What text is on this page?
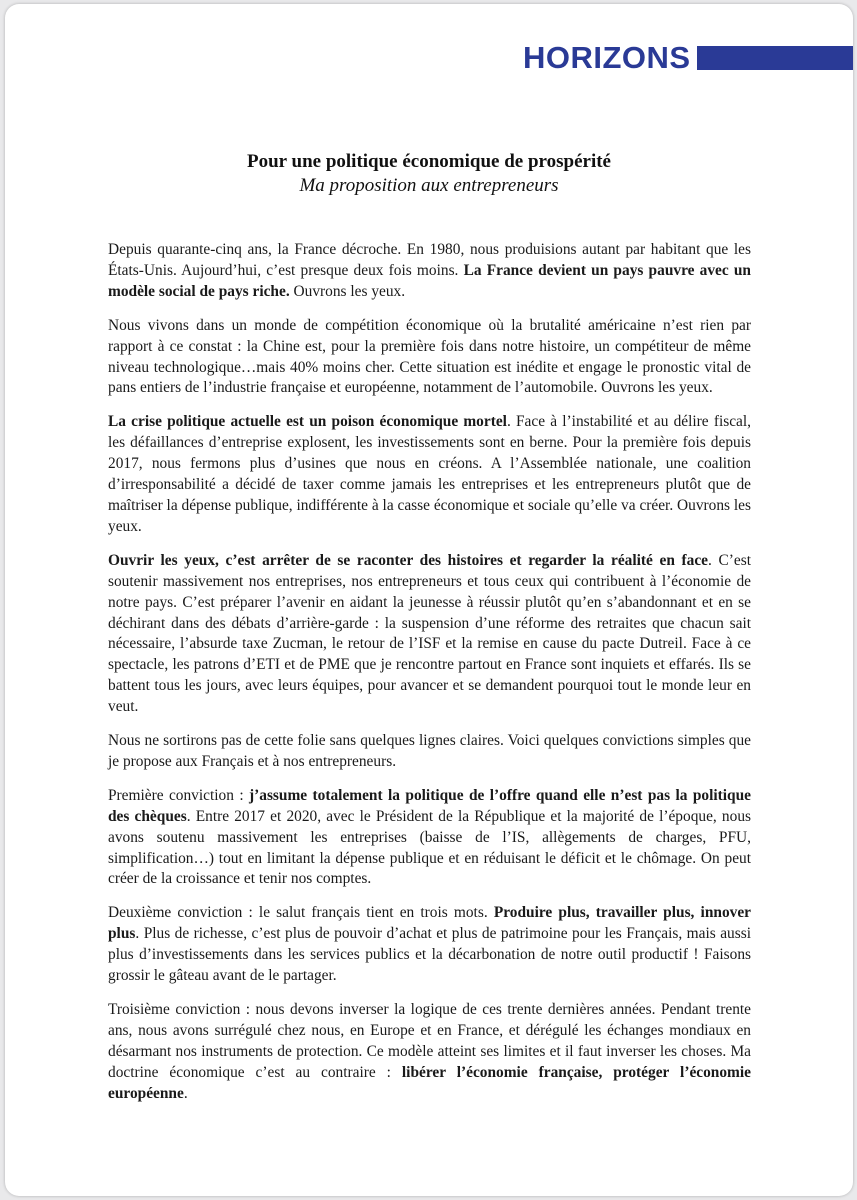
HORIZONS
Pour une politique économique de prospérité
Ma proposition aux entrepreneurs

Depuis quarante-cinq ans, la France décroche. En 1980, nous produisions autant par habitant que les États-Unis. Aujourd’hui, c’est presque deux fois moins. La France devient un pays pauvre avec un modèle social de pays riche. Ouvrons les yeux.

Nous vivons dans un monde de compétition économique où la brutalité américaine n’est rien par rapport à ce constat : la Chine est, pour la première fois dans notre histoire, un compétiteur de même niveau technologique…mais 40% moins cher. Cette situation est inédite et engage le pronostic vital de pans entiers de l’industrie française et européenne, notamment de l’automobile. Ouvrons les yeux.

La crise politique actuelle est un poison économique mortel. Face à l’instabilité et au délire fiscal, les défaillances d’entreprise explosent, les investissements sont en berne. Pour la première fois depuis 2017, nous fermons plus d’usines que nous en créons. A l’Assemblée nationale, une coalition d’irresponsabilité a décidé de taxer comme jamais les entreprises et les entrepreneurs plutôt que de maîtriser la dépense publique, indifférente à la casse économique et sociale qu’elle va créer. Ouvrons les yeux.

Ouvrir les yeux, c’est arrêter de se raconter des histoires et regarder la réalité en face. C’est soutenir massivement nos entreprises, nos entrepreneurs et tous ceux qui contribuent à l’économie de notre pays. C’est préparer l’avenir en aidant la jeunesse à réussir plutôt qu’en s’abandonnant et en se déchirant dans des débats d’arrière-garde : la suspension d’une réforme des retraites que chacun sait nécessaire, l’absurde taxe Zucman, le retour de l’ISF et la remise en cause du pacte Dutreil. Face à ce spectacle, les patrons d’ETI et de PME que je rencontre partout en France sont inquiets et effarés. Ils se battent tous les jours, avec leurs équipes, pour avancer et se demandent pourquoi tout le monde leur en veut.

Nous ne sortirons pas de cette folie sans quelques lignes claires. Voici quelques convictions simples que je propose aux Français et à nos entrepreneurs.

Première conviction : j’assume totalement la politique de l’offre quand elle n’est pas la politique des chèques. Entre 2017 et 2020, avec le Président de la République et la majorité de l’époque, nous avons soutenu massivement les entreprises (baisse de l’IS, allègements de charges, PFU, simplification…) tout en limitant la dépense publique et en réduisant le déficit et le chômage. On peut créer de la croissance et tenir nos comptes.

Deuxième conviction : le salut français tient en trois mots. Produire plus, travailler plus, innover plus. Plus de richesse, c’est plus de pouvoir d’achat et plus de patrimoine pour les Français, mais aussi plus d’investissements dans les services publics et la décarbonation de notre outil productif ! Faisons grossir le gâteau avant de le partager.

Troisième conviction : nous devons inverser la logique de ces trente dernières années. Pendant trente ans, nous avons surrégulé chez nous, en Europe et en France, et dérégulé les échanges mondiaux en désarmant nos instruments de protection. Ce modèle atteint ses limites et il faut inverser les choses. Ma doctrine économique c’est au contraire : libérer l’économie française, protéger l’économie européenne.
